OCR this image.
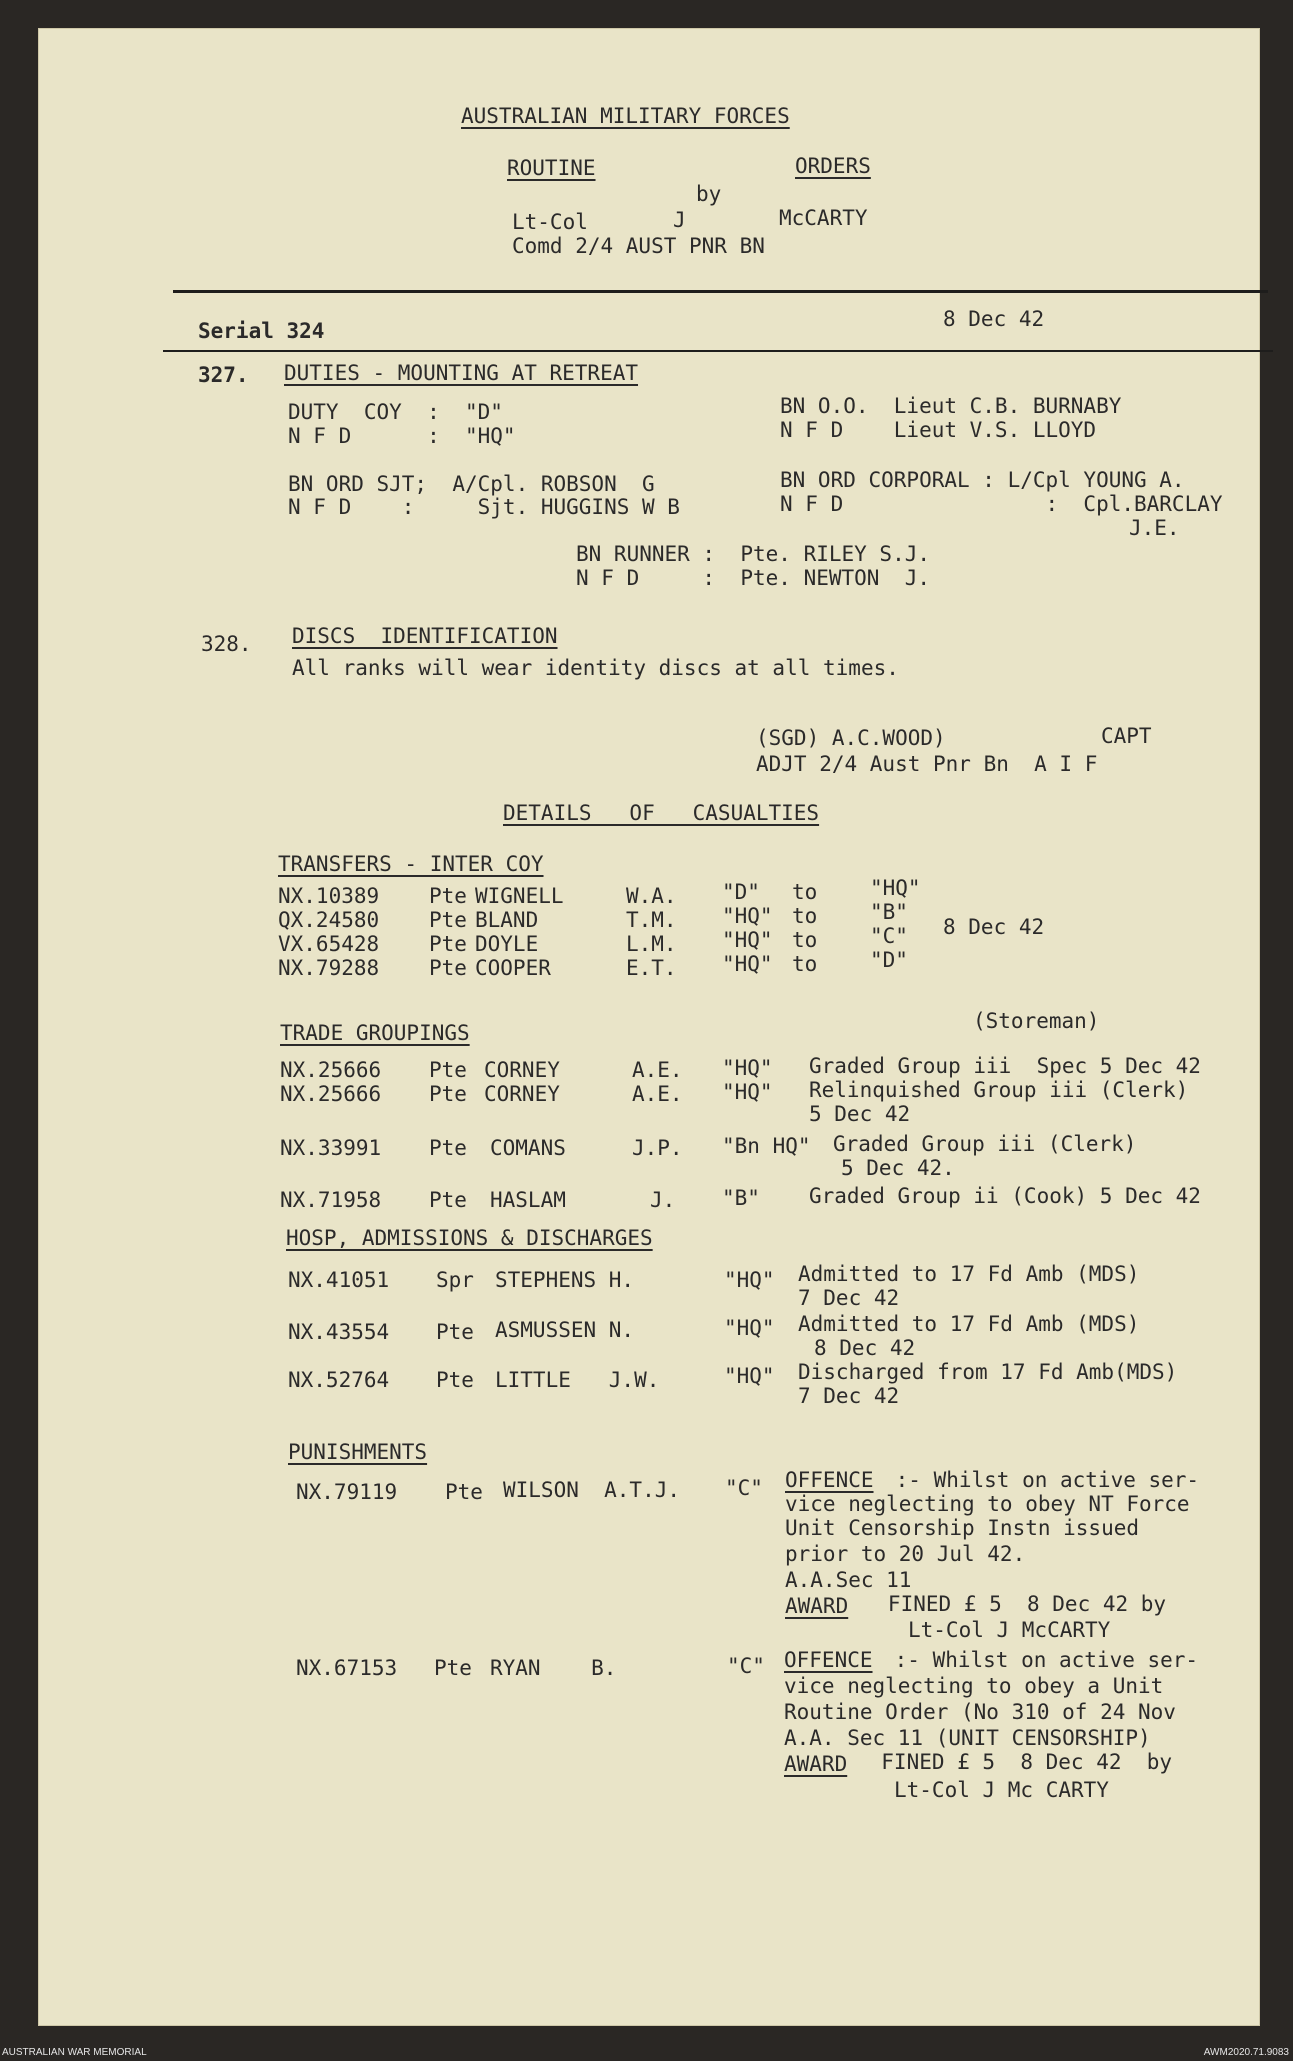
AUSTRALIAN MILITARY FORCES
ROUTINE	ORDERS
by
Lt-Col	J	McCARTY
Comd 2/4 AUST PNR BN
Serial 324	8 Dec 42
327. DUTIES - MOUNTING AT RETREAT
DUTY  COY  :  "D"
N F D      :  "HQ"
BN O.O.  Lieut C.B. BURNABY
N F D    Lieut V.S. LLOYD
BN ORD SJT;  A/Cpl. ROBSON  G
N F D    :     Sjt. HUGGINS W B
BN ORD CORPORAL : L/Cpl YOUNG A.
N F D                :  Cpl.BARCLAY
J.E.
BN RUNNER :  Pte. RILEY S.J.
N F D     :  Pte. NEWTON  J.
328. DISCS  IDENTIFICATION
All ranks will wear identity discs at all times.
(SGD) A.C.WOOD)	CAPT
ADJT 2/4 Aust Pnr Bn  A I F
DETAILS   OF   CASUALTIES
TRANSFERS - INTER COY
NX.10389 Pte WIGNELL	W.A. "D" to	"HQ"
QX.24580 Pte BLAND	T.M. "HQ" to	"B"
VX.65428 Pte DOYLE	L.M. "HQ" to	"C"
NX.79288 Pte COOPER	E.T. "HQ" to	"D"
8 Dec 42
(Storeman)
TRADE GROUPINGS
NX.25666 Pte CORNEY	A.E. "HQ" Graded Group iii  Spec 5 Dec 42
NX.25666 Pte CORNEY	A.E. "HQ" Relinquished Group iii (Clerk)
5 Dec 42
NX.33991 Pte COMANS	J.P. "Bn HQ" Graded Group iii (Clerk)
5 Dec 42.
NX.71958 Pte HASLAM	J. "B" Graded Group ii (Cook) 5 Dec 42
HOSP, ADMISSIONS & DISCHARGES
NX.41051 Spr STEPHENS H.	"HQ" Admitted to 17 Fd Amb (MDS)
7 Dec 42
NX.43554 Pte ASMUSSEN N.	"HQ" Admitted to 17 Fd Amb (MDS)
8 Dec 42
NX.52764 Pte LITTLE   J.W.	"HQ" Discharged from 17 Fd Amb(MDS)
7 Dec 42
PUNISHMENTS
NX.79119 Pte WILSON  A.T.J. "C" OFFENCE :- Whilst on active ser-
vice neglecting to obey NT Force
Unit Censorship Instn issued
prior to 20 Jul 42.
A.A.Sec 11
AWARD FINED £ 5  8 Dec 42 by
Lt-Col J McCARTY
NX.67153 Pte RYAN    B.	"C" OFFENCE :- Whilst on active ser-
vice neglecting to obey a Unit
Routine Order (No 310 of 24 Nov
A.A. Sec 11 (UNIT CENSORSHIP)
AWARD FINED £ 5  8 Dec 42  by
Lt-Col J Mc CARTY
AUSTRALIAN WAR MEMORIAL	AWM2020.71.9083
